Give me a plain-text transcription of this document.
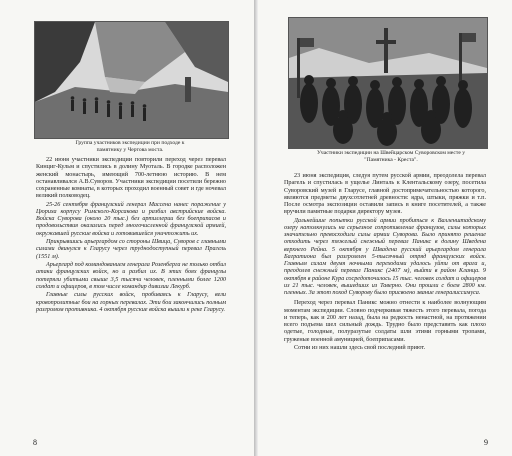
Группа участников экспедиции при подходе к памятнику у Чертова моста.

22 июня участники экспедиции повторили переход через перевал Кинциг-Кульм и спустились в долину Муоталь. В городке расположен женский монастырь, имеющий 700-летнюю историю. В нем останавливался А.В.Суворов. Участники экспедиции посетили бережно сохраненные комнаты, в которых проходил военный совет и где ночевал великий полководец.

25-26 сентября французский генерал Массена нанес поражение у Цюриха корпусу Римского-Корсакова и разбил австрийские войска. Войска Суворова (около 20 тыс.) без артиллерии без боеприпасов и продовольствия оказались перед многочисленной французской армией, окружавшей русские войска и готовившейся уничтожить их.

Прикрывшись арьергардом со стороны Швица, Суворов с главными силами двинулся к Гларусу через труднодоступный перевал Прагель (1551 м).

Арьергард под командованием генерала Розенберга не только отбил атаки французских войск, но и разбил их. В этих боях французы потеряли убитыми свыше 3,5 тысячи человек, пленными более 1200 солдат и офицеров, в том числе командир дивизии Лекурб.

Главные силы русских войск, пробиваясь к Гларусу, вели кровопролитные бои на горных перевалах. Эти бои закончились полным разгромом противника. 4 октября русские войска вышли к реке Гларусу.

8
Участники экспедиции на Швейцарском Суворовском месте у "Памятника - Креста".

23 июня экспедиция, следуя путем русской армии, преодолела перевал Прагель и спустилась в ущелье Линталь к Клентальскому озеру, посетила Суворовский музей в Гларусе, главной достопримечательностью которого, являются предметы двухсотлетней древности: ядра, штыки, пряжки и т.п. После осмотра экспозиции оставили запись в книге посетителей, а также вручили памятные подарки директору музея.

Дальнейшие попытки русской армии пробиться к Валленштадскому озеру натолкнулись на серьезное сопротивление французов, силы которых значительно превосходили силы армии Суворова. Было принято решение отходить через тяжелый снежный перевал Паникс в долину Шведена верхнего Рейна. 5 октября у Швадена русский арьергардом генерала Багратиона был разгромлен 5-тысячный отряд французских войск. Главным силам двумя ночными переходами удалось уйти от врага и, преодолев снежный перевал Паникс (2407 м), выйти в район Кланца. 9 октября в районе Кура сосредоточилось 15 тыс. человек солдат и офицеров из 21 тыс. человек, вышедших из Таверно. Они прошли с боем 2800 км. пленных. За этот поход Суворову было присвоено звание генералиссимуса.

Переход через перевал Паникс можно отнести к наиболее волнующим моментам экспедиции. Словно подчеркивая тяжесть этого перевала, погода и теперь, как и 200 лет назад, была на редкость ненастной, на протяжении всего подъема шел сильный дождь. Трудно было представить как плохо одетые, голодные, полуразутые солдаты шли этими горными тропами, груженые военной амуницией, боеприпасами.

Сотни из них нашли здесь свой последний приют.

9
